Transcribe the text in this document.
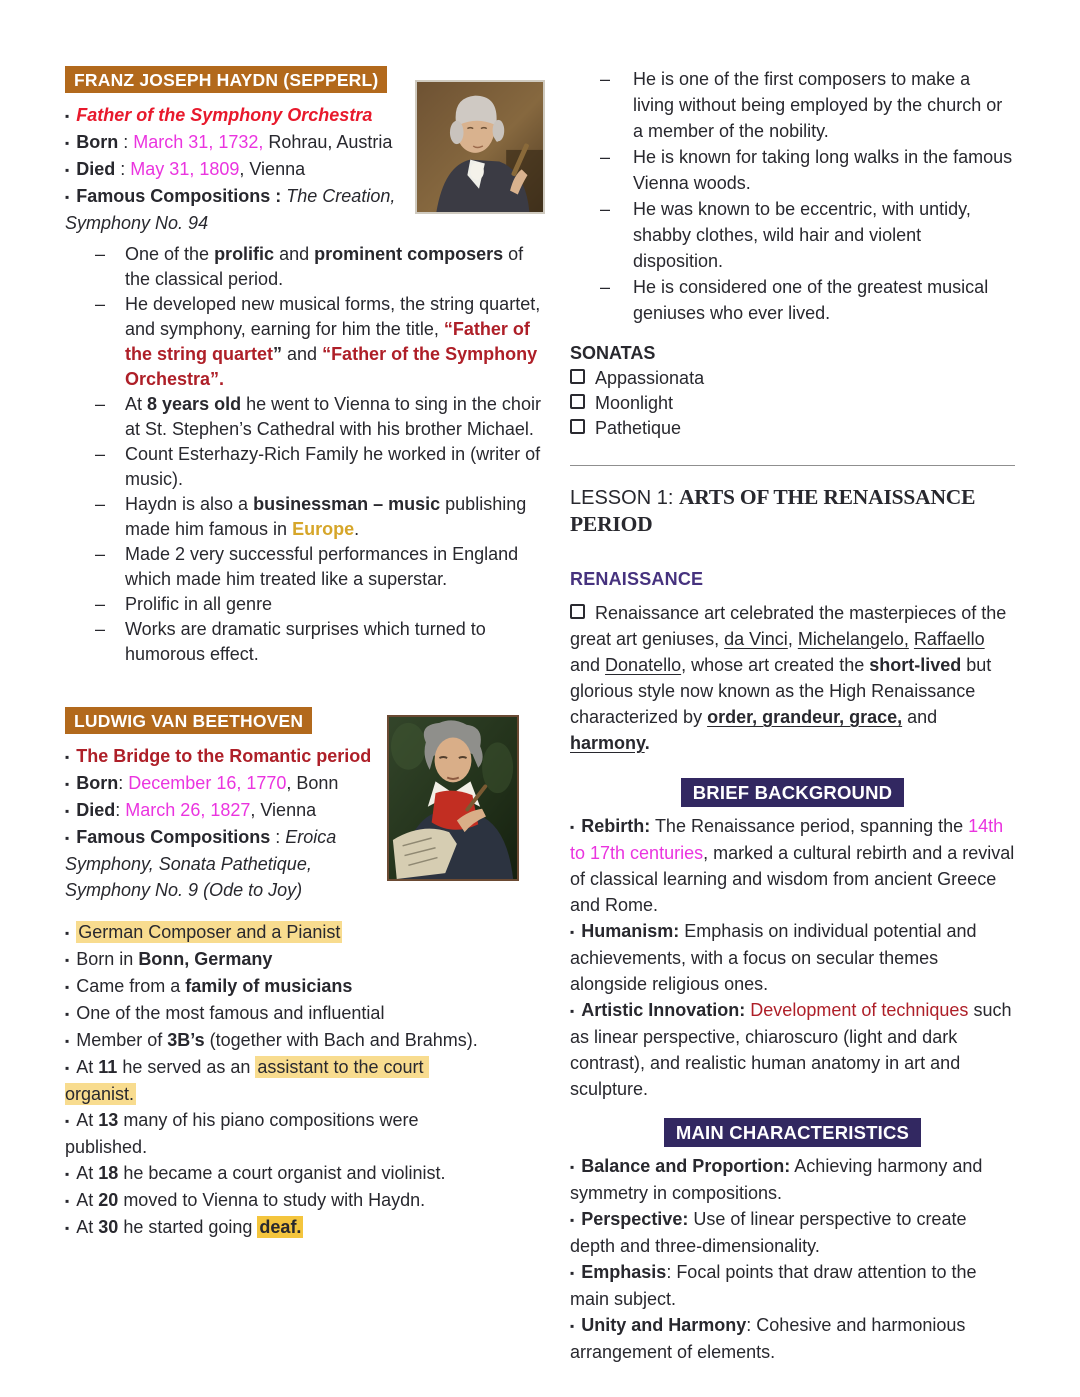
FRANZ JOSEPH HAYDN (SEPPERL)

▪ Father of the Symphony Orchestra

▪ Born : March 31, 1732, Rohrau, Austria

▪ Died : May 31, 1809, Vienna

▪ Famous Compositions : The Creation, Symphony No. 94

– One of the prolific and prominent composers of the classical period.

– He developed new musical forms, the string quartet, and symphony, earning for him the title, “Father of the string quartet” and “Father of the Symphony Orchestra”.

– At 8 years old he went to Vienna to sing in the choir at St. Stephen’s Cathedral with his brother Michael.

– Count Esterhazy-Rich Family he worked in (writer of music).

– Haydn is also a businessman – music publishing made him famous in Europe.

– Made 2 very successful performances in England which made him treated like a superstar.

– Prolific in all genre

– Works are dramatic surprises which turned to humorous effect.

LUDWIG VAN BEETHOVEN

▪ The Bridge to the Romantic period

▪ Born: December 16, 1770, Bonn

▪ Died: March 26, 1827, Vienna

▪ Famous Compositions : Eroica Symphony, Sonata Pathetique, Symphony No. 9 (Ode to Joy)

▪ German Composer and a Pianist

▪ Born in Bonn, Germany

▪ Came from a family of musicians

▪ One of the most famous and influential

▪ Member of 3B’s (together with Bach and Brahms).

▪ At 11 he served as an assistant to the court organist.

▪ At 13 many of his piano compositions were published.

▪ At 18 he became a court organist and violinist.

▪ At 20 moved to Vienna to study with Haydn.

▪ At 30 he started going deaf.

– He is one of the first composers to make a living without being employed by the church or a member of the nobility.

– He is known for taking long walks in the famous Vienna woods.

– He was known to be eccentric, with untidy, shabby clothes, wild hair and violent disposition.

– He is considered one of the greatest musical geniuses who ever lived.

SONATAS

Appassionata

Moonlight

Pathetique

LESSON 1: ARTS OF THE RENAISSANCE PERIOD

RENAISSANCE

Renaissance art celebrated the masterpieces of the great art geniuses, da Vinci, Michelangelo, Raffaello and Donatello, whose art created the short-lived but glorious style now known as the High Renaissance characterized by order, grandeur, grace, and harmony.

BRIEF BACKGROUND

▪ Rebirth: The Renaissance period, spanning the 14th to 17th centuries, marked a cultural rebirth and a revival of classical learning and wisdom from ancient Greece and Rome.

▪ Humanism: Emphasis on individual potential and achievements, with a focus on secular themes alongside religious ones.

▪ Artistic Innovation: Development of techniques such as linear perspective, chiaroscuro (light and dark contrast), and realistic human anatomy in art and sculpture.

MAIN CHARACTERISTICS

▪ Balance and Proportion: Achieving harmony and symmetry in compositions.

▪ Perspective: Use of linear perspective to create depth and three-dimensionality.

▪ Emphasis: Focal points that draw attention to the main subject.

▪ Unity and Harmony: Cohesive and harmonious arrangement of elements.
